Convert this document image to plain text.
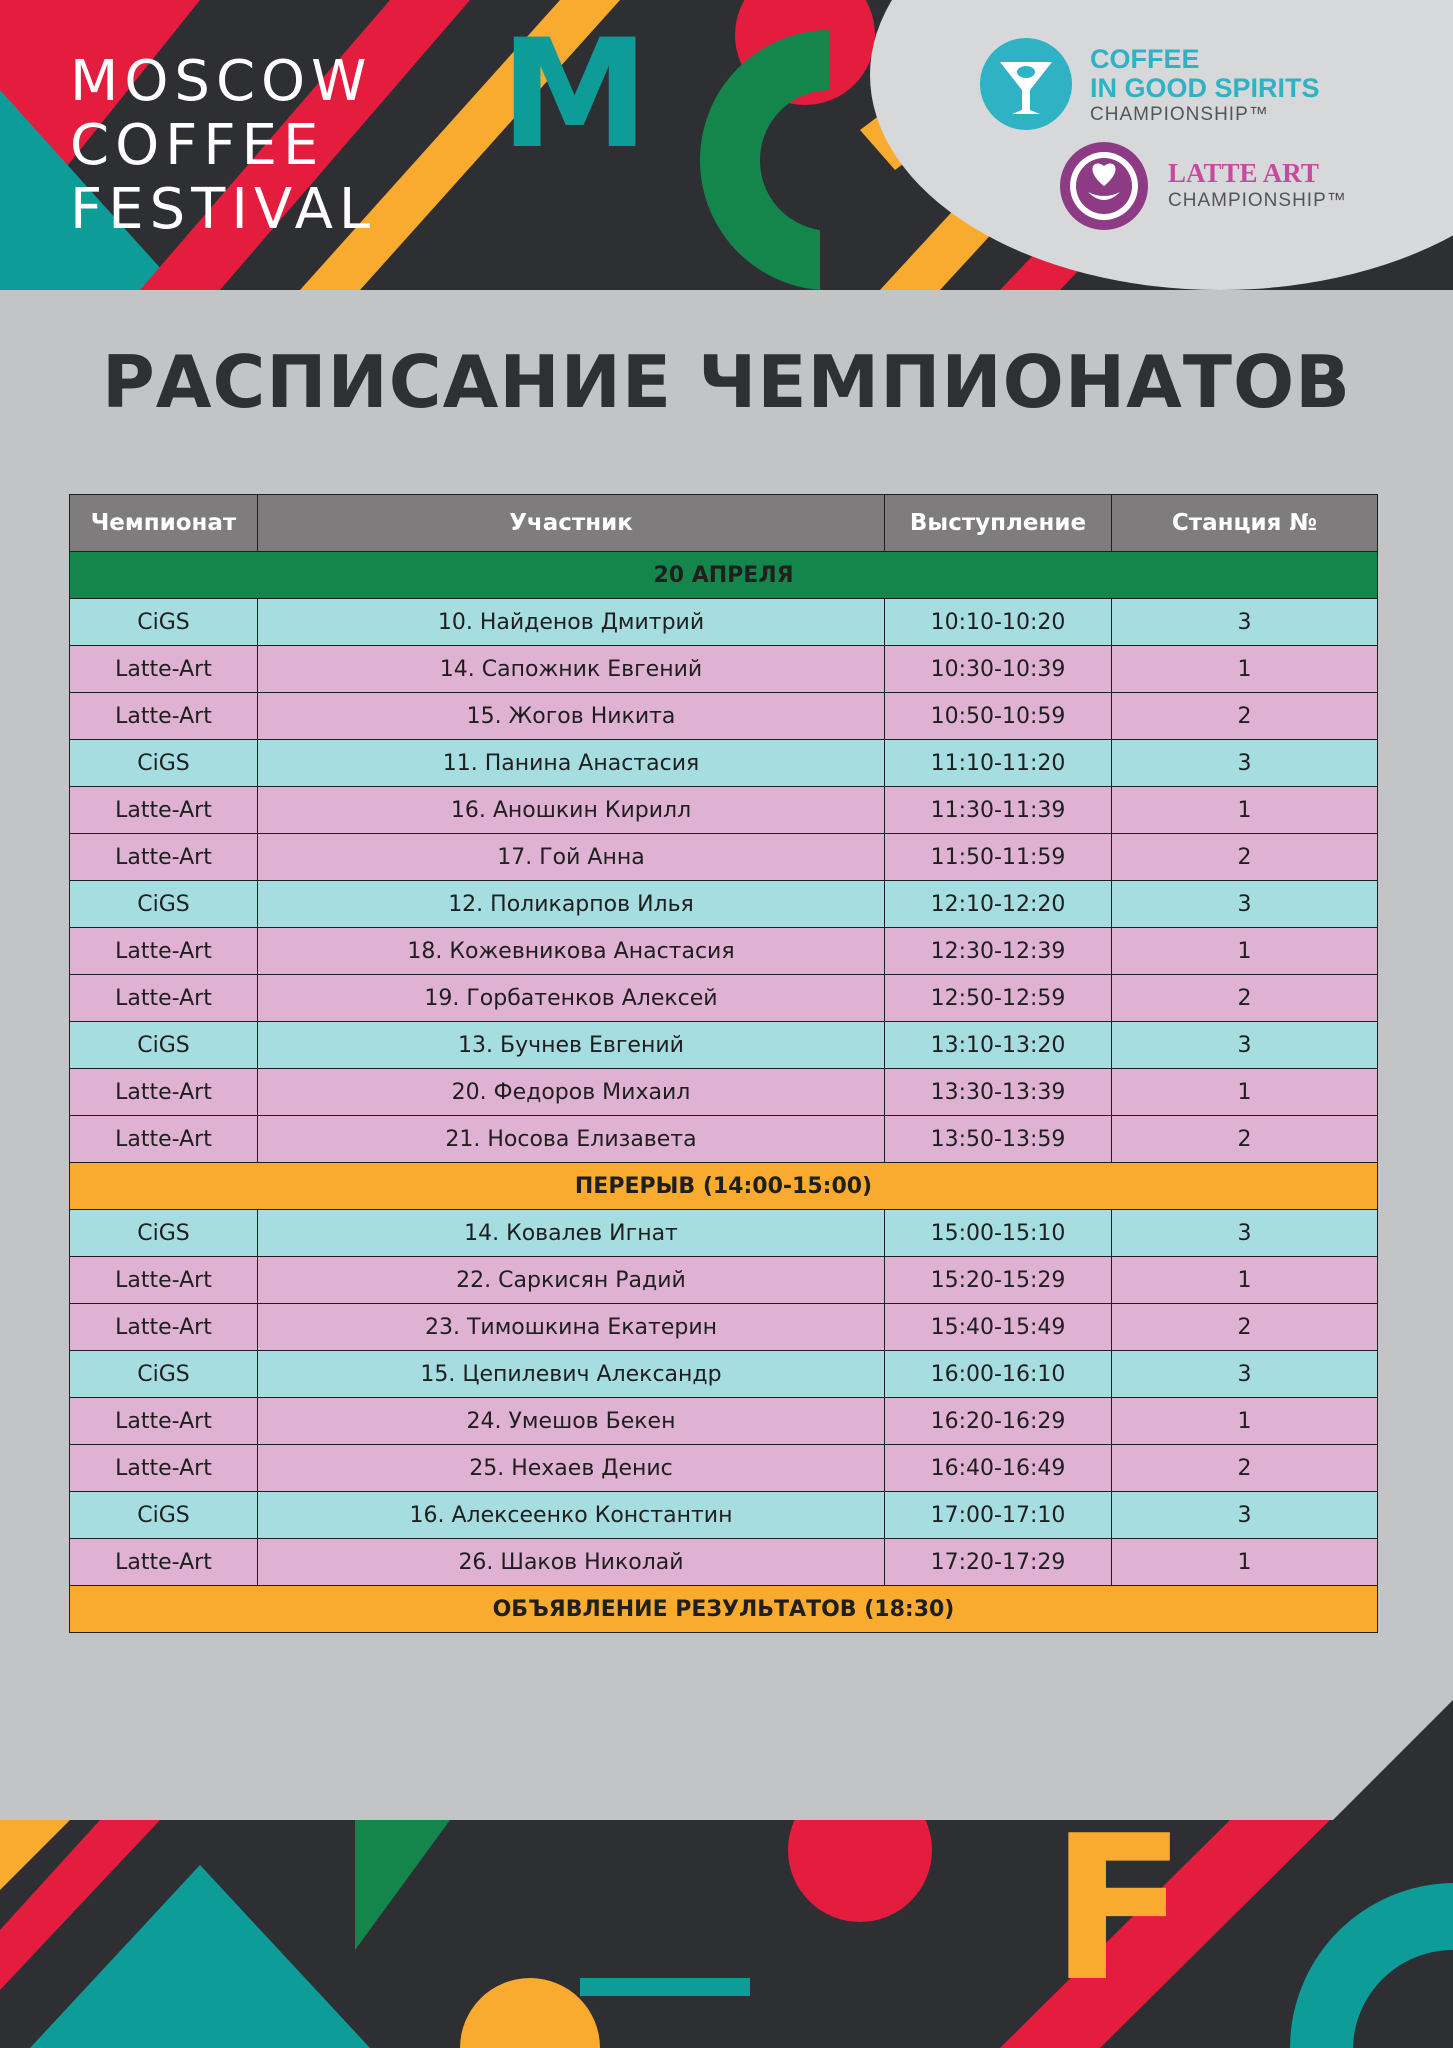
MOSCOW
COFFEE
FESTIVAL
M	COFFEE
IN GOOD SPIRITS
CHAMPIONSHIP™
LATTE ART
CHAMPIONSHIP™
РАСПИСАНИЕ ЧЕМПИОНАТОВ
Чемпионат	Участник	Выступление	Станция №
20 АПРЕЛЯ			
CiGS	10. Найденов Дмитрий	10:10-10:20	3
Latte-Art	14. Сапожник Евгений	10:30-10:39	1
Latte-Art	15. Жогов Никита	10:50-10:59	2
CiGS	11. Панина Анастасия	11:10-11:20	3
Latte-Art	16. Аношкин Кирилл	11:30-11:39	1
Latte-Art	17. Гой Анна	11:50-11:59	2
CiGS	12. Поликарпов Илья	12:10-12:20	3
Latte-Art	18. Кожевникова Анастасия	12:30-12:39	1
Latte-Art	19. Горбатенков Алексей	12:50-12:59	2
CiGS	13. Бучнев Евгений	13:10-13:20	3
Latte-Art	20. Федоров Михаил	13:30-13:39	1
Latte-Art	21. Носова Елизавета	13:50-13:59	2
ПЕРЕРЫВ (14:00-15:00)			
CiGS	14. Ковалев Игнат	15:00-15:10	3
Latte-Art	22. Саркисян Радий	15:20-15:29	1
Latte-Art	23. Тимошкина Екатерин	15:40-15:49	2
CiGS	15. Цепилевич Александр	16:00-16:10	3
Latte-Art	24. Умешов Бекен	16:20-16:29	1
Latte-Art	25. Нехаев Денис	16:40-16:49	2
CiGS	16. Алексеенко Константин	17:00-17:10	3
Latte-Art	26. Шаков Николай	17:20-17:29	1
ОБЪЯВЛЕНИЕ РЕЗУЛЬТАТОВ (18:30)			
F
